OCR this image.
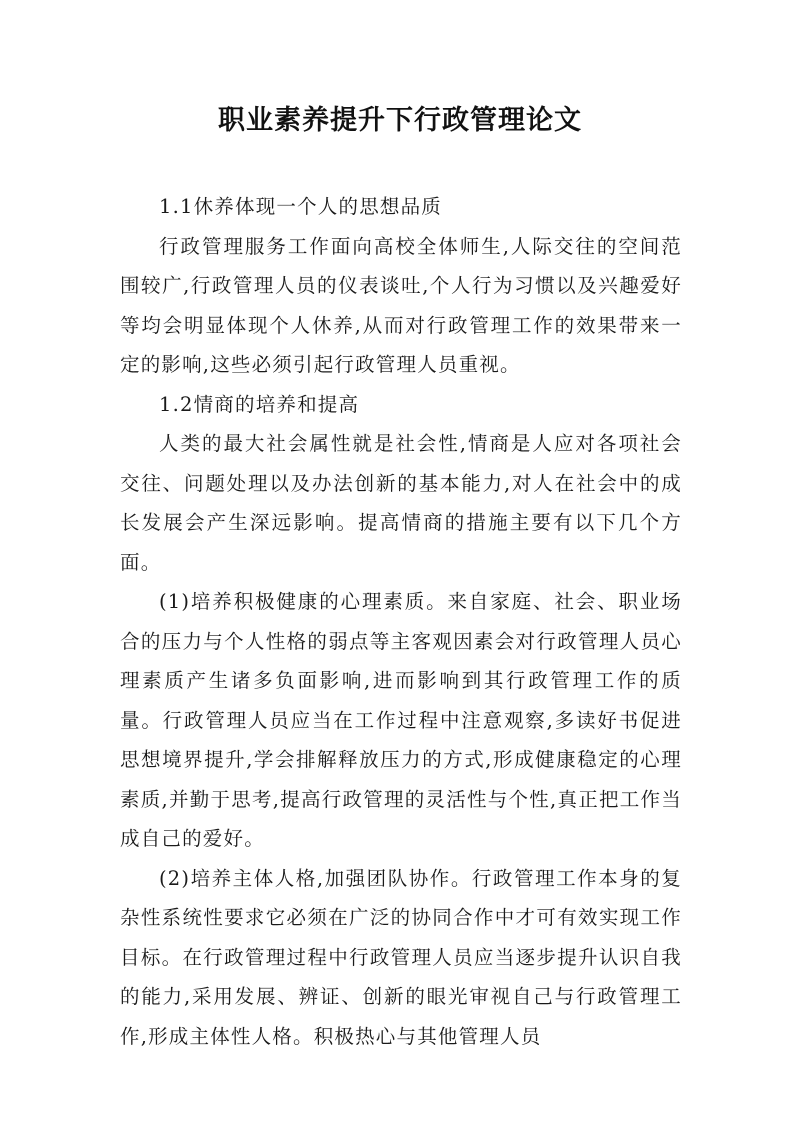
职业素养提升下行政管理论文

1.1休养体现一个人的思想品质

行政管理服务工作面向高校全体师生,人际交往的空间范围较广,行政管理人员的仪表谈吐,个人行为习惯以及兴趣爱好等均会明显体现个人休养,从而对行政管理工作的效果带来一定的影响,这些必须引起行政管理人员重视。

1.2情商的培养和提高

人类的最大社会属性就是社会性,情商是人应对各项社会交往、问题处理以及办法创新的基本能力,对人在社会中的成长发展会产生深远影响。提高情商的措施主要有以下几个方面。

(1)培养积极健康的心理素质。来自家庭、社会、职业场合的压力与个人性格的弱点等主客观因素会对行政管理人员心理素质产生诸多负面影响,进而影响到其行政管理工作的质量。行政管理人员应当在工作过程中注意观察,多读好书促进思想境界提升,学会排解释放压力的方式,形成健康稳定的心理素质,并勤于思考,提高行政管理的灵活性与个性,真正把工作当成自己的爱好。

(2)培养主体人格,加强团队协作。行政管理工作本身的复杂性系统性要求它必须在广泛的协同合作中才可有效实现工作目标。在行政管理过程中行政管理人员应当逐步提升认识自我的能力,采用发展、辨证、创新的眼光审视自己与行政管理工作,形成主体性人格。积极热心与其他管理人员
